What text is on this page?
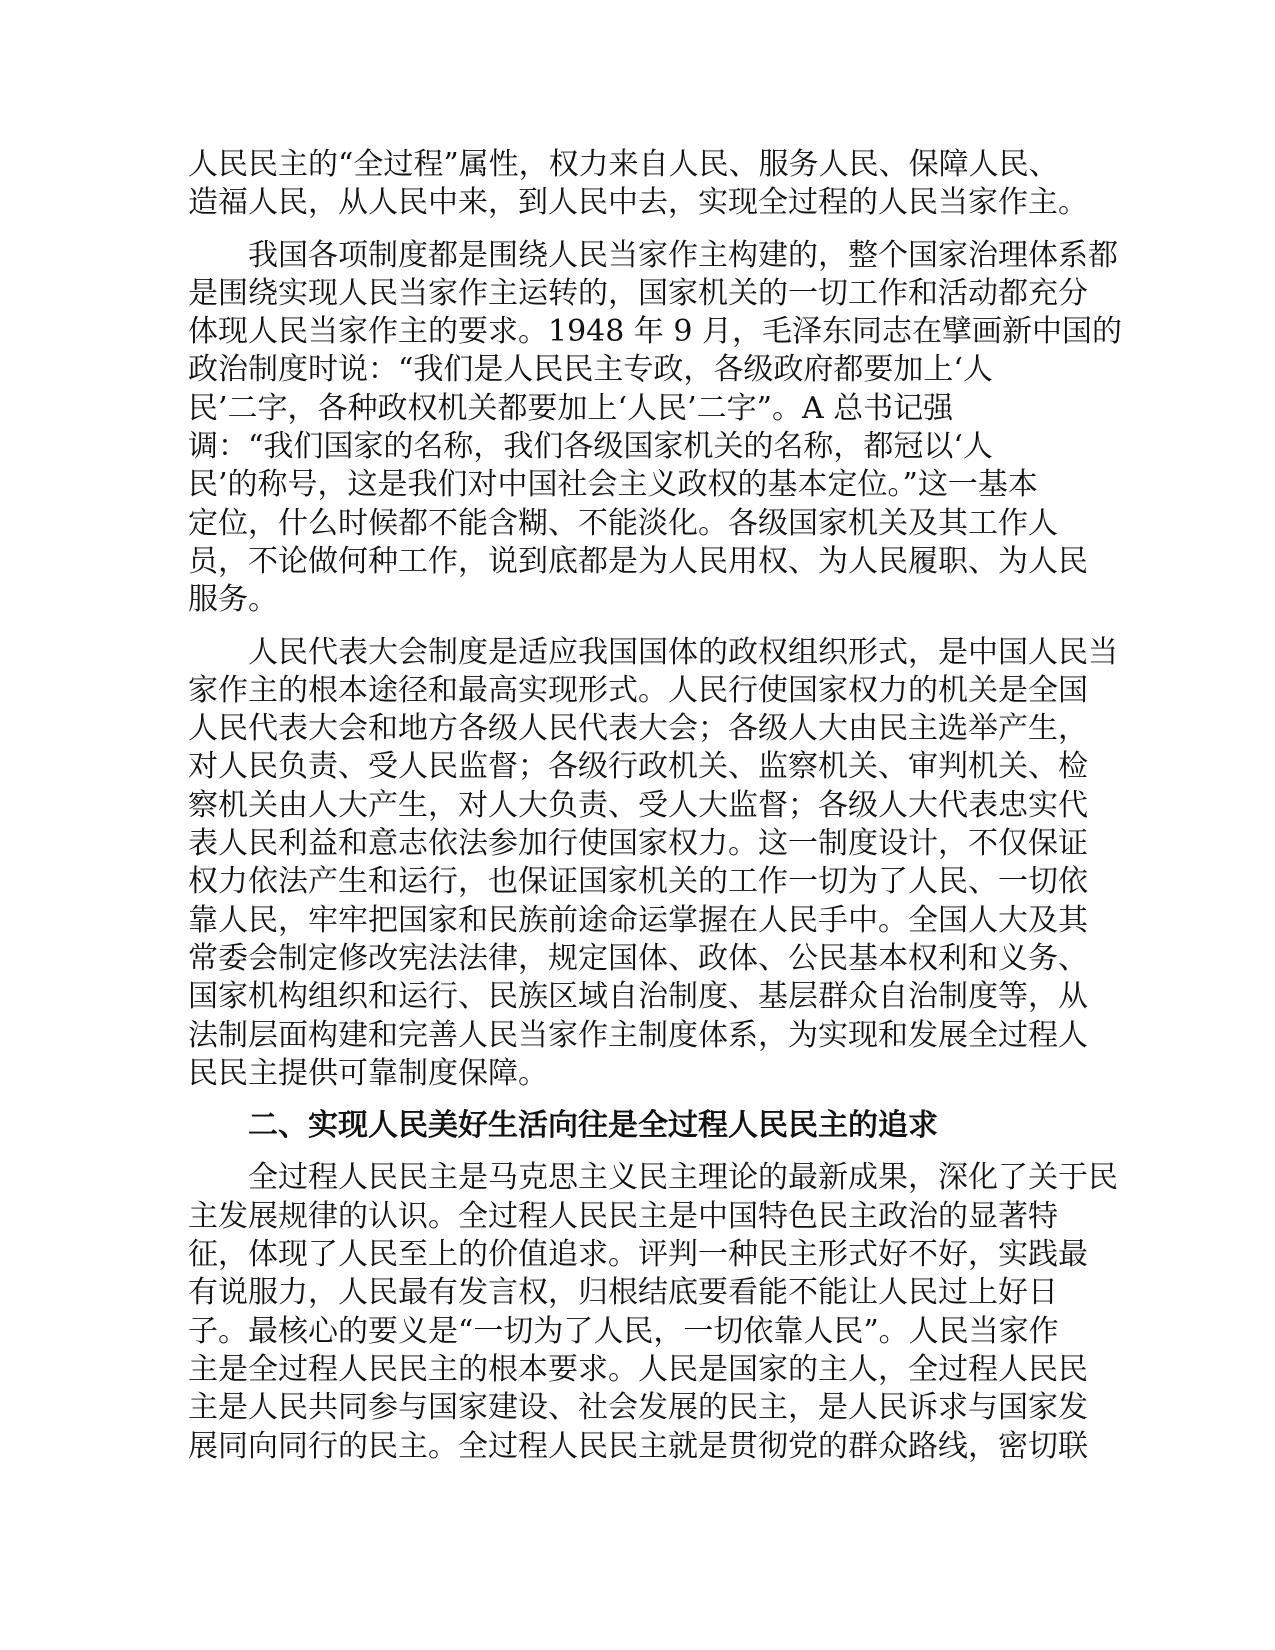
人民民主的“全过程”属性，权力来自人民、服务人民、保障人民、
造福人民，从人民中来，到人民中去，实现全过程的人民当家作主。
　　我国各项制度都是围绕人民当家作主构建的，整个国家治理体系都
是围绕实现人民当家作主运转的，国家机关的一切工作和活动都充分
体现人民当家作主的要求。1948 年 9 月，毛泽东同志在擘画新中国的
政治制度时说：“我们是人民民主专政，各级政府都要加上‘人
民’二字，各种政权机关都要加上‘人民’二字”。A 总书记强
调：“我们国家的名称，我们各级国家机关的名称，都冠以‘人
民’的称号，这是我们对中国社会主义政权的基本定位。”这一基本
定位，什么时候都不能含糊、不能淡化。各级国家机关及其工作人
员，不论做何种工作，说到底都是为人民用权、为人民履职、为人民
服务。
　　人民代表大会制度是适应我国国体的政权组织形式，是中国人民当
家作主的根本途径和最高实现形式。人民行使国家权力的机关是全国
人民代表大会和地方各级人民代表大会；各级人大由民主选举产生，
对人民负责、受人民监督；各级行政机关、监察机关、审判机关、检
察机关由人大产生，对人大负责、受人大监督；各级人大代表忠实代
表人民利益和意志依法参加行使国家权力。这一制度设计，不仅保证
权力依法产生和运行，也保证国家机关的工作一切为了人民、一切依
靠人民，牢牢把国家和民族前途命运掌握在人民手中。全国人大及其
常委会制定修改宪法法律，规定国体、政体、公民基本权利和义务、
国家机构组织和运行、民族区域自治制度、基层群众自治制度等，从
法制层面构建和完善人民当家作主制度体系，为实现和发展全过程人
民民主提供可靠制度保障。
　　二、实现人民美好生活向往是全过程人民民主的追求
　　全过程人民民主是马克思主义民主理论的最新成果，深化了关于民
主发展规律的认识。全过程人民民主是中国特色民主政治的显著特
征，体现了人民至上的价值追求。评判一种民主形式好不好，实践最
有说服力，人民最有发言权，归根结底要看能不能让人民过上好日
子。最核心的要义是“一切为了人民，一切依靠人民”。人民当家作
主是全过程人民民主的根本要求。人民是国家的主人，全过程人民民
主是人民共同参与国家建设、社会发展的民主，是人民诉求与国家发
展同向同行的民主。全过程人民民主就是贯彻党的群众路线，密切联
